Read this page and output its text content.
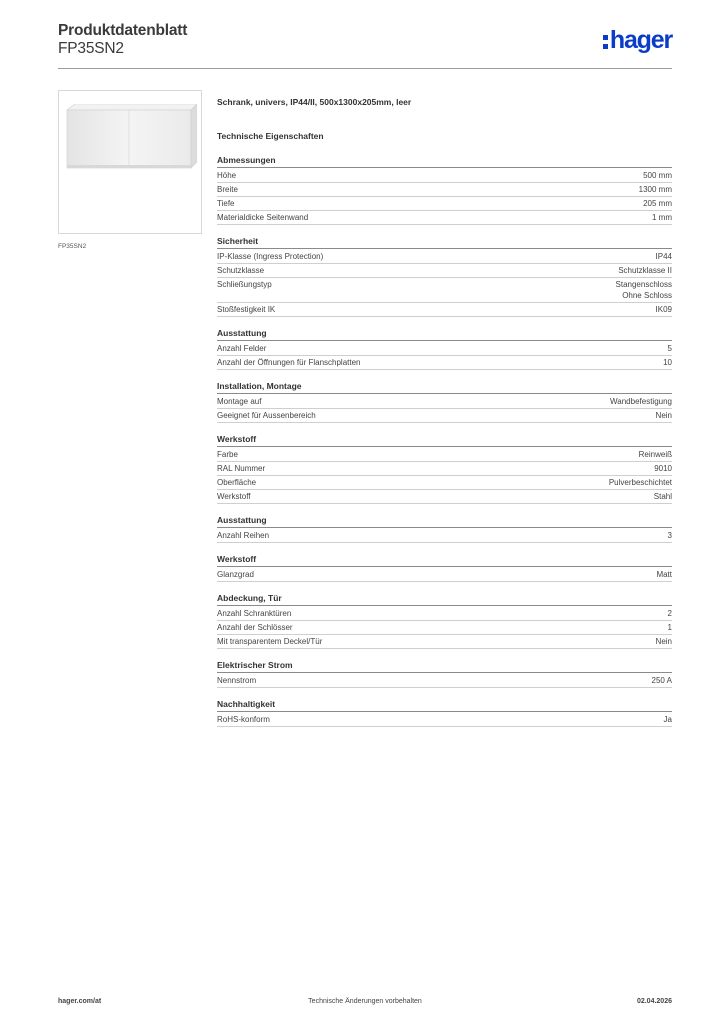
Produktdatenblatt
FP35SN2	hager
FP35SN2
Schrank, univers, IP44/II, 500x1300x205mm, leer
Technische Eigenschaften
Abmessungen
Höhe	500 mm
Breite	1300 mm
Tiefe	205 mm
Materialdicke Seitenwand	1 mm
Sicherheit
IP-Klasse (Ingress Protection)	IP44
Schutzklasse	Schutzklasse II
Schließungstyp	Stangenschloss
Ohne Schloss
Stoßfestigkeit IK	IK09
Ausstattung
Anzahl Felder	5
Anzahl der Öffnungen für Flanschplatten	10
Installation, Montage
Montage auf	Wandbefestigung
Geeignet für Aussenbereich	Nein
Werkstoff
Farbe	Reinweiß
RAL Nummer	9010
Oberfläche	Pulverbeschichtet
Werkstoff	Stahl
Ausstattung
Anzahl Reihen	3
Werkstoff
Glanzgrad	Matt
Abdeckung, Tür
Anzahl Schranktüren	2
Anzahl der Schlösser	1
Mit transparentem Deckel/Tür	Nein
Elektrischer Strom
Nennstrom	250 A
Nachhaltigkeit
RoHS-konform	Ja
hager.com/at	Technische Änderungen vorbehalten	02.04.2026
